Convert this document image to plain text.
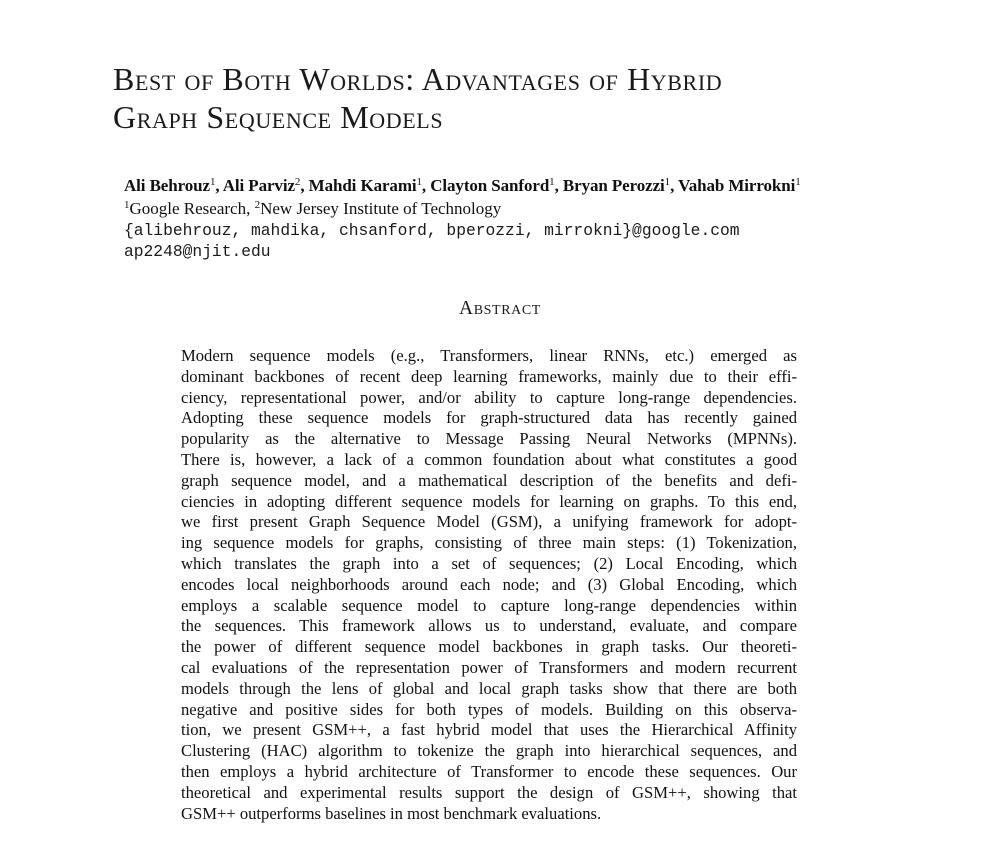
Best of Both Worlds: Advantages of Hybrid
Graph Sequence Models
Ali Behrouz$^1$, Ali Parviz$^2$, Mahdi Karami$^1$, Clayton Sanford$^1$, Bryan Perozzi$^1$, Vahab Mirrokni$^1$
$^1$Google Research, $^2$New Jersey Institute of Technology
{alibehrouz, mahdika, chsanford, bperozzi, mirrokni}@google.com
ap2248@njit.edu
Abstract
Modern sequence models (e.g., Transformers, linear RNNs, etc.) emerged as
dominant backbones of recent deep learning frameworks, mainly due to their effi-
ciency, representational power, and/or ability to capture long-range dependencies.
Adopting these sequence models for graph-structured data has recently gained
popularity as the alternative to Message Passing Neural Networks (MPNNs).
There is, however, a lack of a common foundation about what constitutes a good
graph sequence model, and a mathematical description of the benefits and defi-
ciencies in adopting different sequence models for learning on graphs. To this end,
we first present Graph Sequence Model (GSM), a unifying framework for adopt-
ing sequence models for graphs, consisting of three main steps: (1) Tokenization,
which translates the graph into a set of sequences; (2) Local Encoding, which
encodes local neighborhoods around each node; and (3) Global Encoding, which
employs a scalable sequence model to capture long-range dependencies within
the sequences. This framework allows us to understand, evaluate, and compare
the power of different sequence model backbones in graph tasks. Our theoreti-
cal evaluations of the representation power of Transformers and modern recurrent
models through the lens of global and local graph tasks show that there are both
negative and positive sides for both types of models. Building on this observa-
tion, we present GSM++, a fast hybrid model that uses the Hierarchical Affinity
Clustering (HAC) algorithm to tokenize the graph into hierarchical sequences, and
then employs a hybrid architecture of Transformer to encode these sequences. Our
theoretical and experimental results support the design of GSM++, showing that
GSM++ outperforms baselines in most benchmark evaluations.
